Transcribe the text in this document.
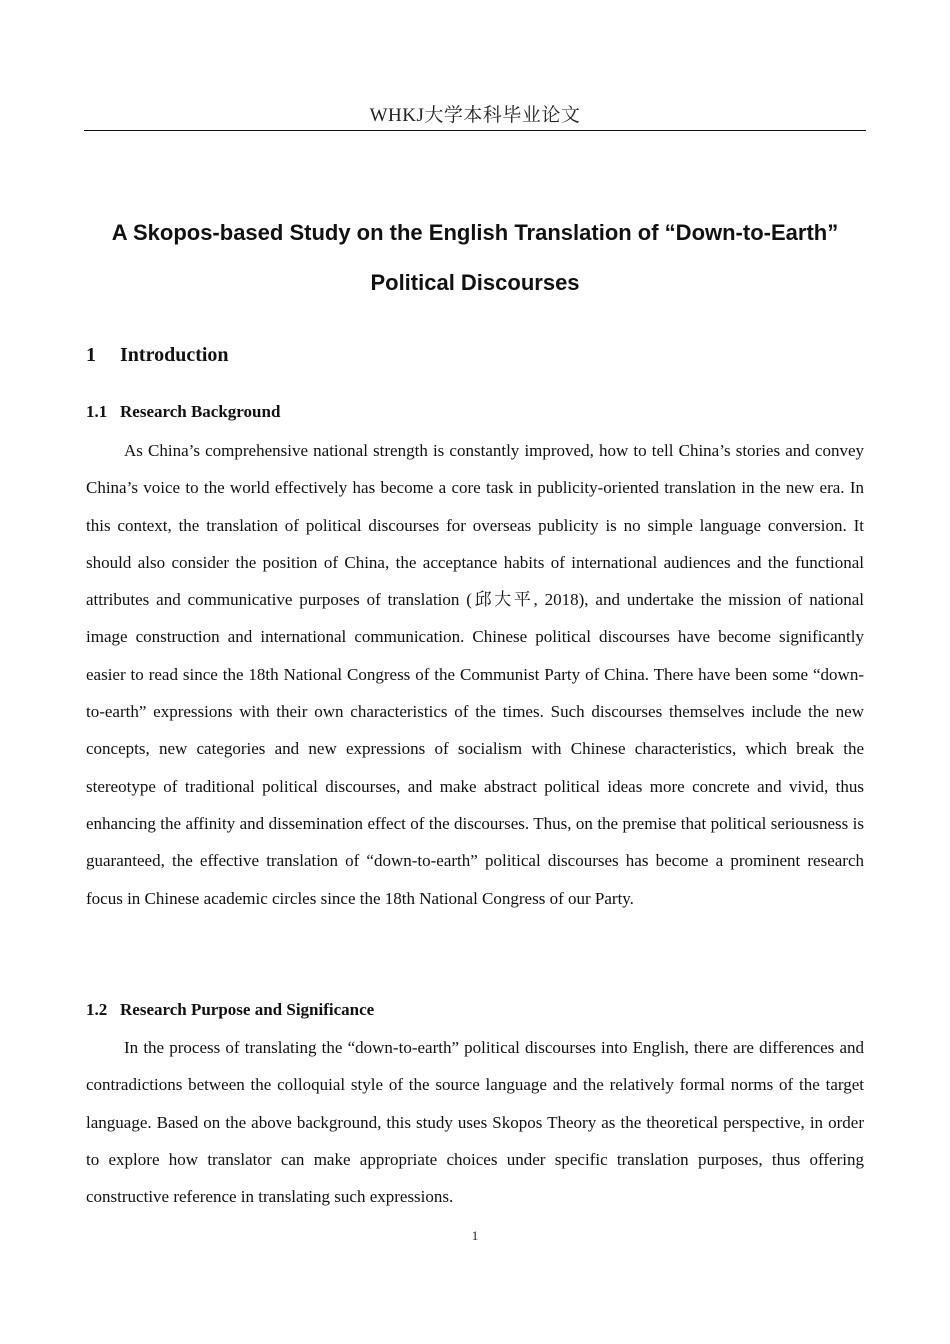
WHKJ大学本科毕业论文
A Skopos-based Study on the English Translation of “Down-to-Earth” Political Discourses
1 Introduction
1.1 Research Background

As China’s comprehensive national strength is constantly improved, how to tell China’s stories and convey China’s voice to the world effectively has become a core task in publicity-oriented translation in the new era. In this context, the translation of political discourses for overseas publicity is no simple language conversion. It should also consider the position of China, the acceptance habits of international audiences and the functional attributes and communicative purposes of translation (邱大平, 2018), and undertake the mission of national image construction and international communication. Chinese political discourses have become significantly easier to read since the 18th National Congress of the Communist Party of China. There have been some “down-to-earth” expressions with their own characteristics of the times. Such discourses themselves include the new concepts, new categories and new expressions of socialism with Chinese characteristics, which break the stereotype of traditional political discourses, and make abstract political ideas more concrete and vivid, thus enhancing the affinity and dissemination effect of the discourses. Thus, on the premise that political seriousness is guaranteed, the effective translation of “down-to-earth” political discourses has become a prominent research focus in Chinese academic circles since the 18th National Congress of our Party.

1.2 Research Purpose and Significance

In the process of translating the “down-to-earth” political discourses into English, there are differences and contradictions between the colloquial style of the source language and the relatively formal norms of the target language. Based on the above background, this study uses Skopos Theory as the theoretical perspective, in order to explore how translator can make appropriate choices under specific translation purposes, thus offering constructive reference in translating such expressions.

1
